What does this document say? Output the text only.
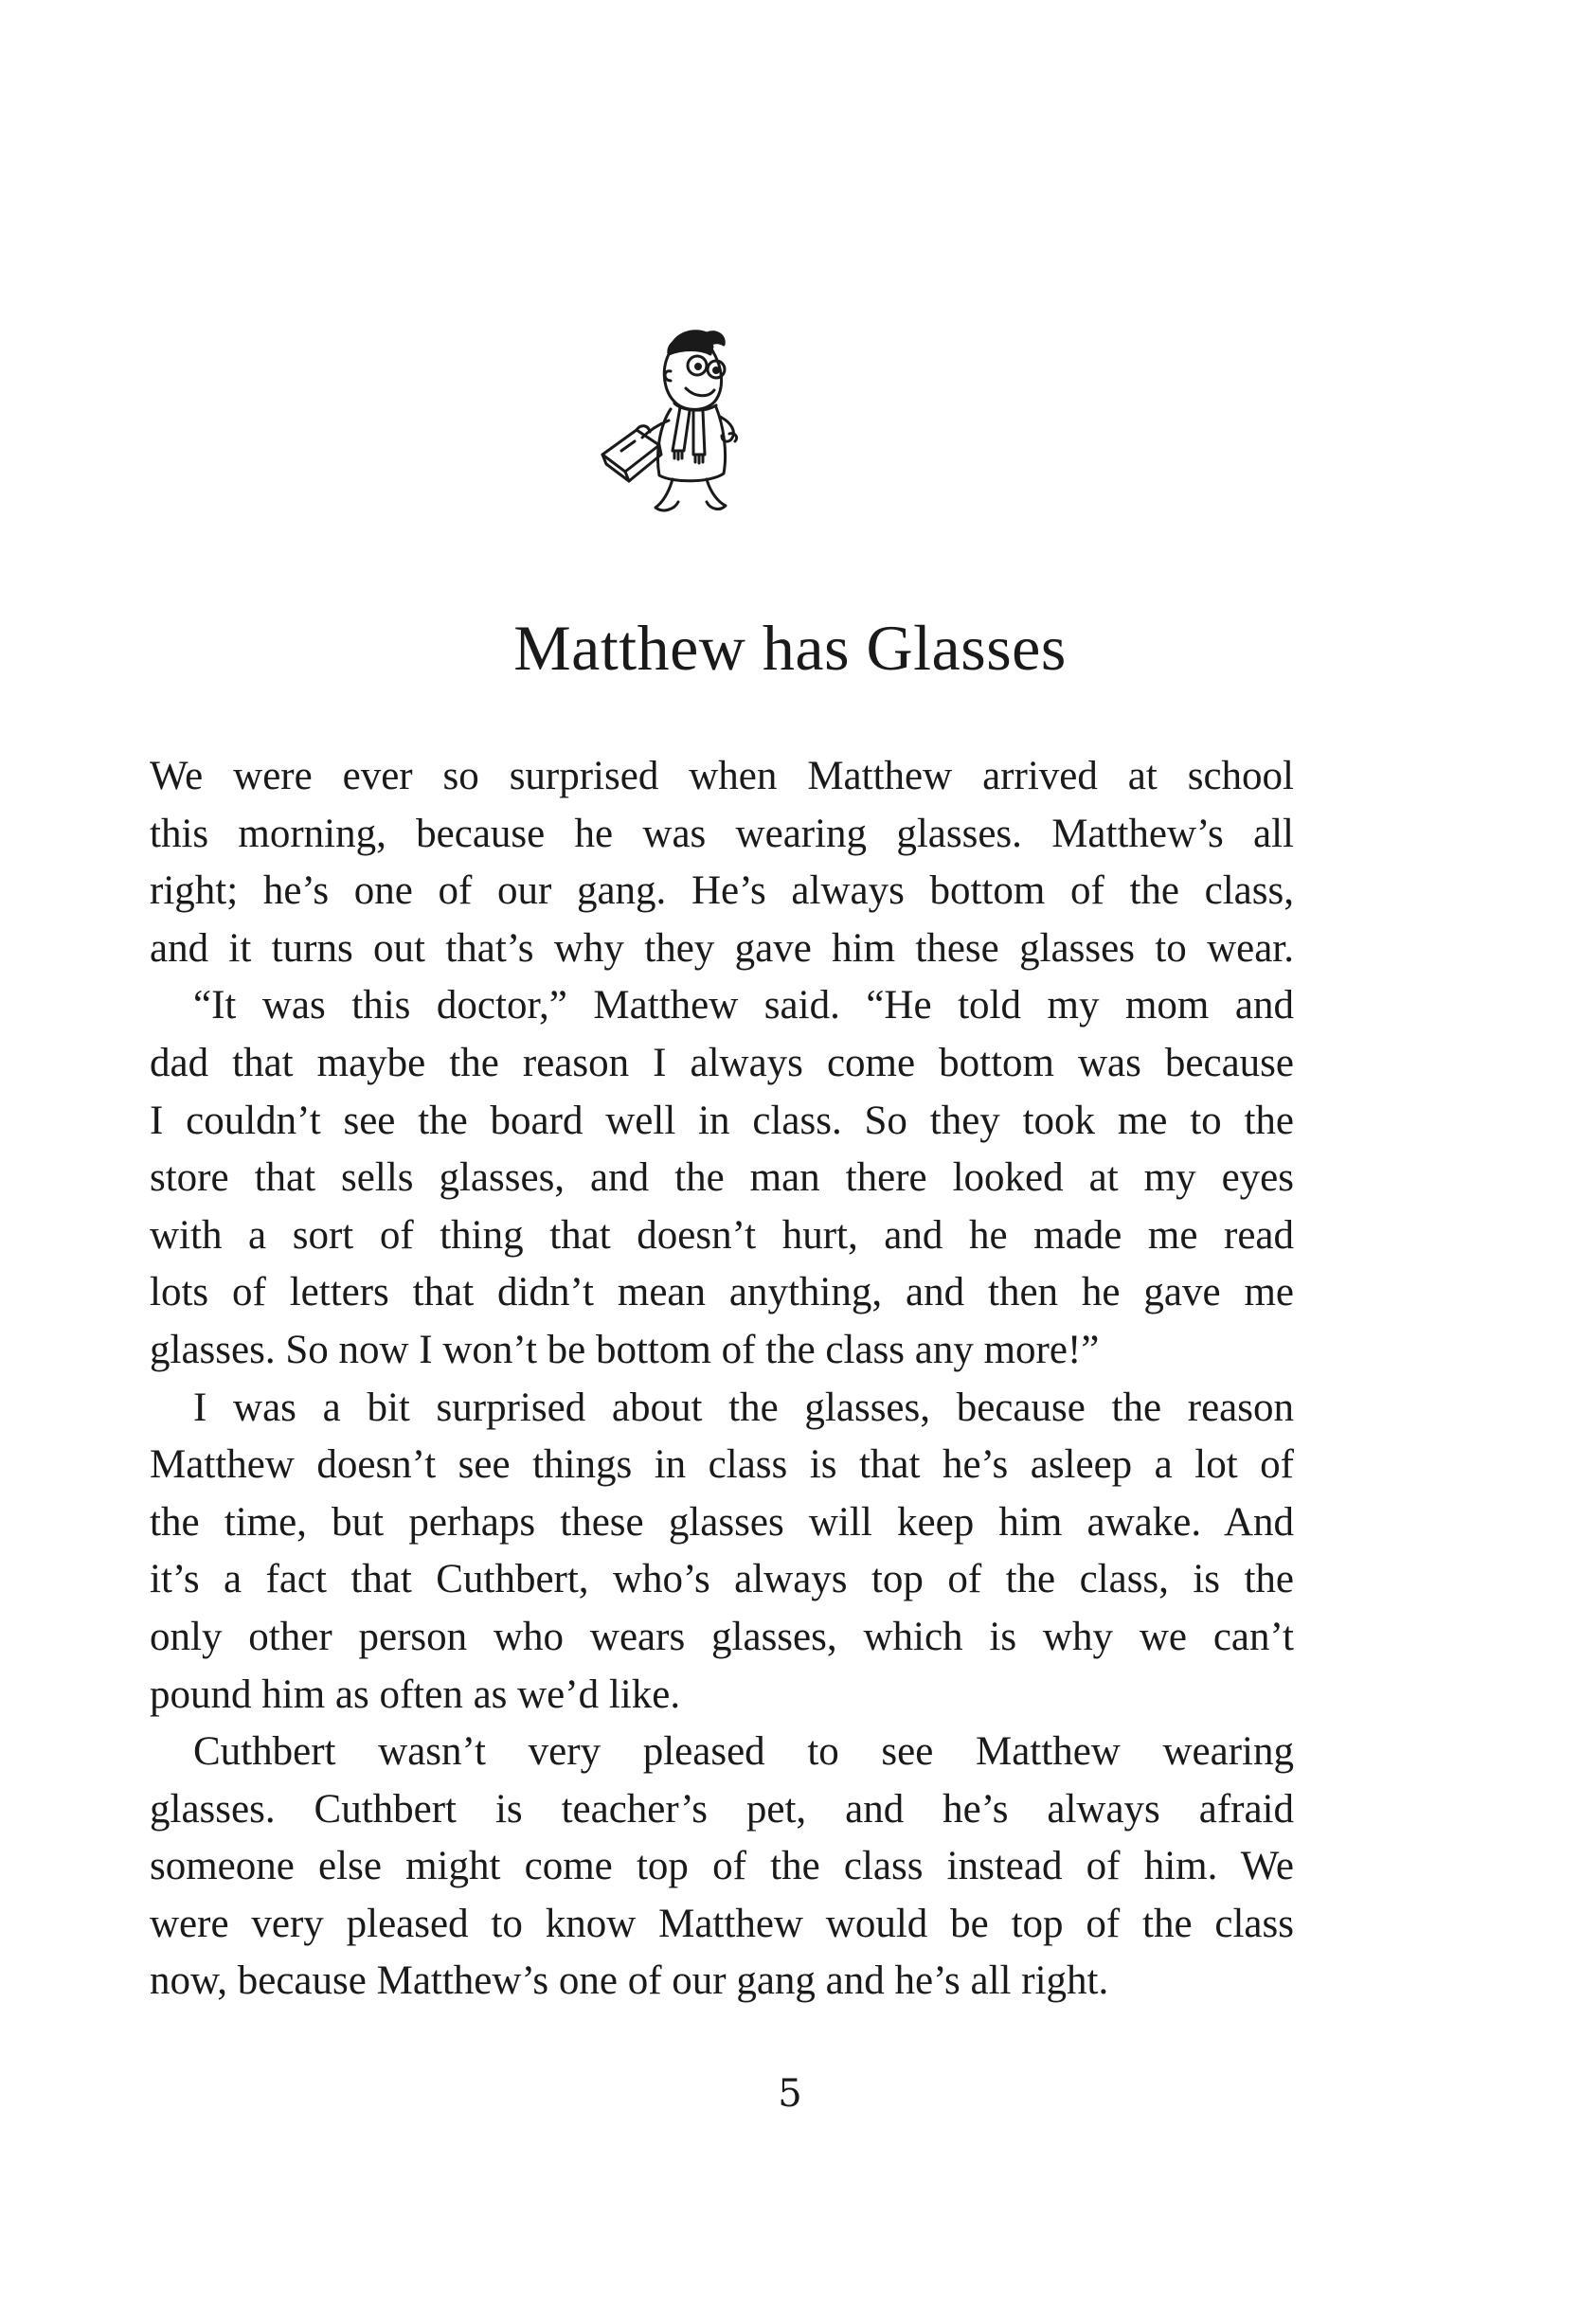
Matthew has Glasses

We were ever so surprised when Matthew arrived at school
this morning, because he was wearing glasses. Matthew’s all
right; he’s one of our gang. He’s always bottom of the class,
and it turns out that’s why they gave him these glasses to wear.

“It was this doctor,” Matthew said. “He told my mom and
dad that maybe the reason I always come bottom was because
I couldn’t see the board well in class. So they took me to the
store that sells glasses, and the man there looked at my eyes
with a sort of thing that doesn’t hurt, and he made me read
lots of letters that didn’t mean anything, and then he gave me
glasses. So now I won’t be bottom of the class any more!”

I was a bit surprised about the glasses, because the reason
Matthew doesn’t see things in class is that he’s asleep a lot of
the time, but perhaps these glasses will keep him awake. And
it’s a fact that Cuthbert, who’s always top of the class, is the
only other person who wears glasses, which is why we can’t
pound him as often as we’d like.

Cuthbert wasn’t very pleased to see Matthew wearing
glasses. Cuthbert is teacher’s pet, and he’s always afraid
someone else might come top of the class instead of him. We
were very pleased to know Matthew would be top of the class
now, because Matthew’s one of our gang and he’s all right.

5
